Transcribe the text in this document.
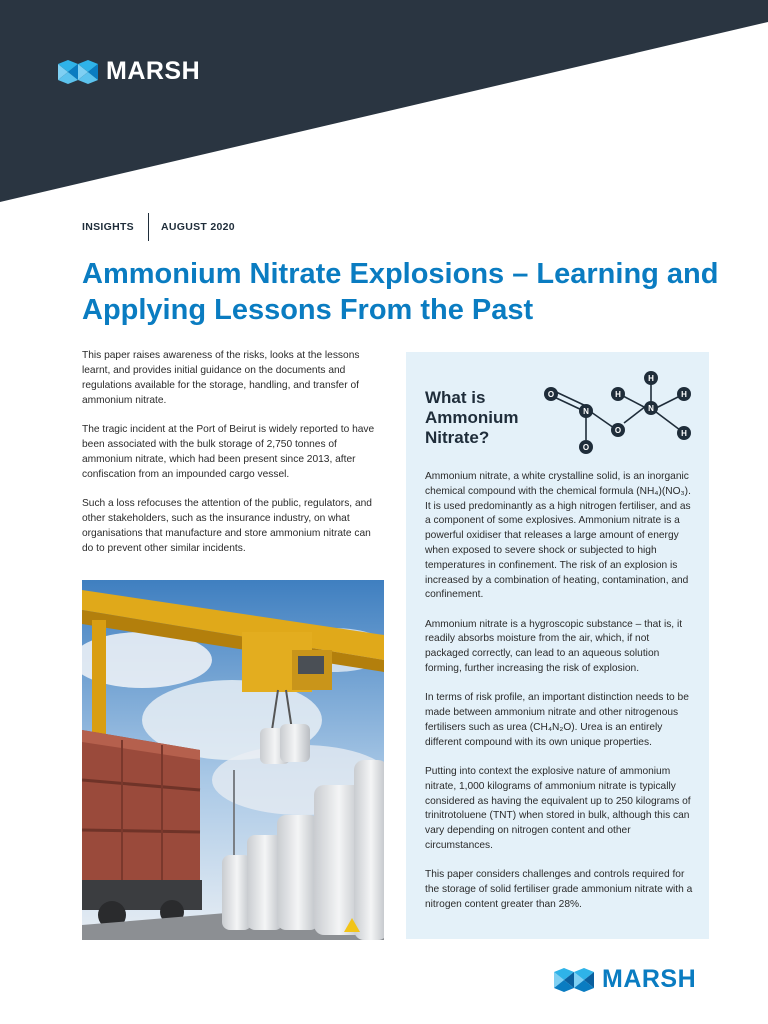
MARSH
INSIGHTS	AUGUST 2020
Ammonium Nitrate Explosions – Learning and Applying Lessons From the Past

This paper raises awareness of the risks, looks at the lessons learnt, and provides initial guidance on the documents and regulations available for the storage, handling, and transfer of ammonium nitrate.

The tragic incident at the Port of Beirut is widely reported to have been associated with the bulk storage of 2,750 tonnes of ammonium nitrate, which had been present since 2013, after confiscation from an impounded cargo vessel.

Such a loss refocuses the attention of the public, regulators, and other stakeholders, such as the insurance industry, on what organisations that manufacture and store ammonium nitrate can do to prevent other similar incidents.

What is Ammonium Nitrate?
O
N
O
O
H
N
H
H
H

Ammonium nitrate, a white crystalline solid, is an inorganic chemical compound with the chemical formula (NH₄)(NO₃). It is used predominantly as a high nitrogen fertiliser, and as a component of some explosives. Ammonium nitrate is a powerful oxidiser that releases a large amount of energy when exposed to severe shock or subjected to high temperatures in confinement. The risk of an explosion is increased by a combination of heating, contamination, and confinement.

Ammonium nitrate is a hygroscopic substance – that is, it readily absorbs moisture from the air, which, if not packaged correctly, can lead to an aqueous solution forming, further increasing the risk of explosion.

In terms of risk profile, an important distinction needs to be made between ammonium nitrate and other nitrogenous fertilisers such as urea (CH₄N₂O). Urea is an entirely different compound with its own unique properties.

Putting into context the explosive nature of ammonium nitrate, 1,000 kilograms of ammonium nitrate is typically considered as having the equivalent up to 250 kilograms of trinitrotoluene (TNT) when stored in bulk, although this can vary depending on nitrogen content and other circumstances.

This paper considers challenges and controls required for the storage of solid fertiliser grade ammonium nitrate with a nitrogen content greater than 28%.

MARSH
